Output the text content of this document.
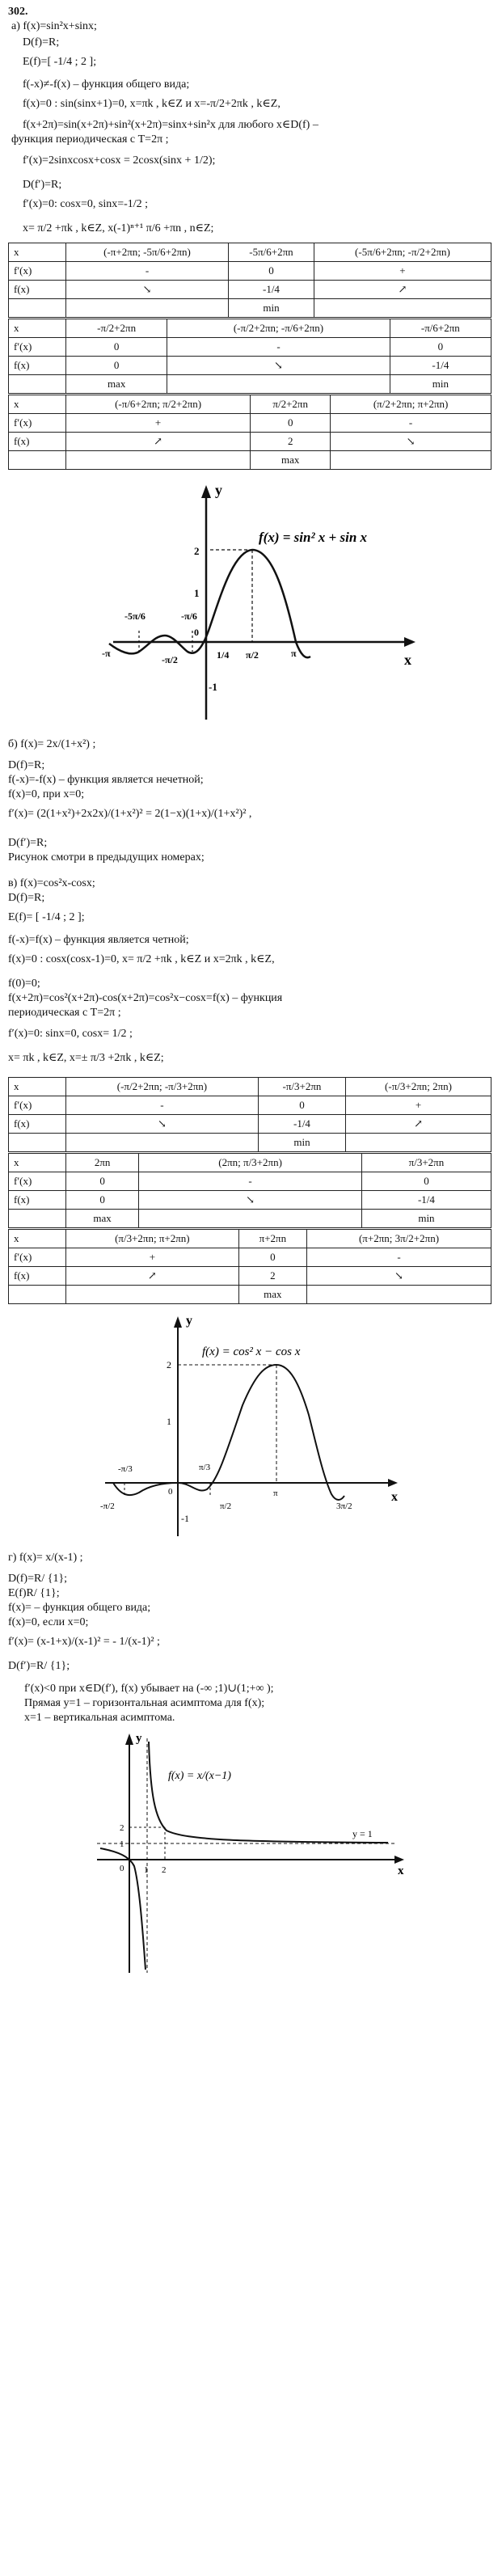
302.
а) f(x)=sin²x+sinx;
D(f)=R;
E(f)=[ -1/4 ; 2 ];
f(-x)≠-f(x) – функция общего вида;
f(x)=0 : sin(sinx+1)=0, x=πk , k∈Z и x=-π/2+2πk , k∈Z,
f(x+2π)=sin(x+2π)+sin²(x+2π)=sinx+sin²x для любого x∈D(f) –
функция периодическая с T=2π ;
f′(x)=2sinxcosx+cosx = 2cosx(sinx + 1/2);
D(f′)=R;
f′(x)=0: cosx=0, sinx=-1/2 ;
x= π/2 +πk , k∈Z, x(-1)ⁿ⁺¹ π/6 +πn , n∈Z;
x	(-π+2πn; -5π/6+2πn)	-5π/6+2πn	(-5π/6+2πn; -π/2+2πn)
f′(x)	-	0	+
f(x)	↘	-1/4	↗
		min	
x	-π/2+2πn	(-π/2+2πn; -π/6+2πn)	-π/6+2πn
f′(x)	0	-	0
f(x)	0	↘	-1/4
	max		min
x	(-π/6+2πn; π/2+2πn)	π/2+2πn	(π/2+2πn; π+2πn)
f′(x)	+	0	-
f(x)	↗	2	↘
		max	
f(x) = sin² x + sin x
x
y
-5π/6	-π/6
-π
-π/2
0
1/4 π/2	π
2
1
-1
б) f(x)= 2x/(1+x²) ;
D(f)=R;
f(-x)=-f(x) – функция является нечетной;
f(x)=0, при x=0;
f′(x)= (2(1+x²)+2x2x)/(1+x²)² = 2(1−x)(1+x)/(1+x²)² ,
D(f′)=R;
Рисунок смотри в предыдущих номерах;
в) f(x)=cos²x-cosx;
D(f)=R;
E(f)= [ -1/4 ; 2 ];
f(-x)=f(x) – функция является четной;
f(x)=0 : cosx(cosx-1)=0, x= π/2 +πk , k∈Z и x=2πk , k∈Z,
f(0)=0;
f(x+2π)=cos²(x+2π)-cos(x+2π)=cos²x−cosx=f(x) – функция
периодическая с T=2π ;
f′(x)=0: sinx=0, cosx= 1/2 ;
x= πk , k∈Z, x=± π/3 +2πk , k∈Z;
x	(-π/2+2πn; -π/3+2πn)	-π/3+2πn	(-π/3+2πn; 2πn)
f′(x)	-	0	+
f(x)	↘	-1/4	↗
		min	
x	2πn	(2πn; π/3+2πn)	π/3+2πn
f′(x)	0	-	0
f(x)	0	↘	-1/4
	max		min
x	(π/3+2πn; π+2πn)	π+2πn	(π+2πn; 3π/2+2πn)
f′(x)	+	0	-
f(x)	↗	2	↘
		max	
f(x) = cos² x − cos x
x
y
-π/3
-π/2
0
π/3
π/2
π
3π/2
2
1
-1
г) f(x)= x/(x-1) ;
D(f)=R/ {1};
E(f)R/ {1};
f(x)= – функция общего вида;
f(x)=0, если x=0;
f′(x)= (x-1+x)/(x-1)² = - 1/(x-1)² ;
D(f′)=R/ {1};
f′(x)<0 при x∈D(f′), f(x) убывает на (-∞ ;1)∪(1;+∞ );
Прямая y=1 – горизонтальная асимптома для f(x);
x=1 – вертикальная асимптома.
f(x) = x/(x−1)
y = 1
x
y
0 1 2
1
2
